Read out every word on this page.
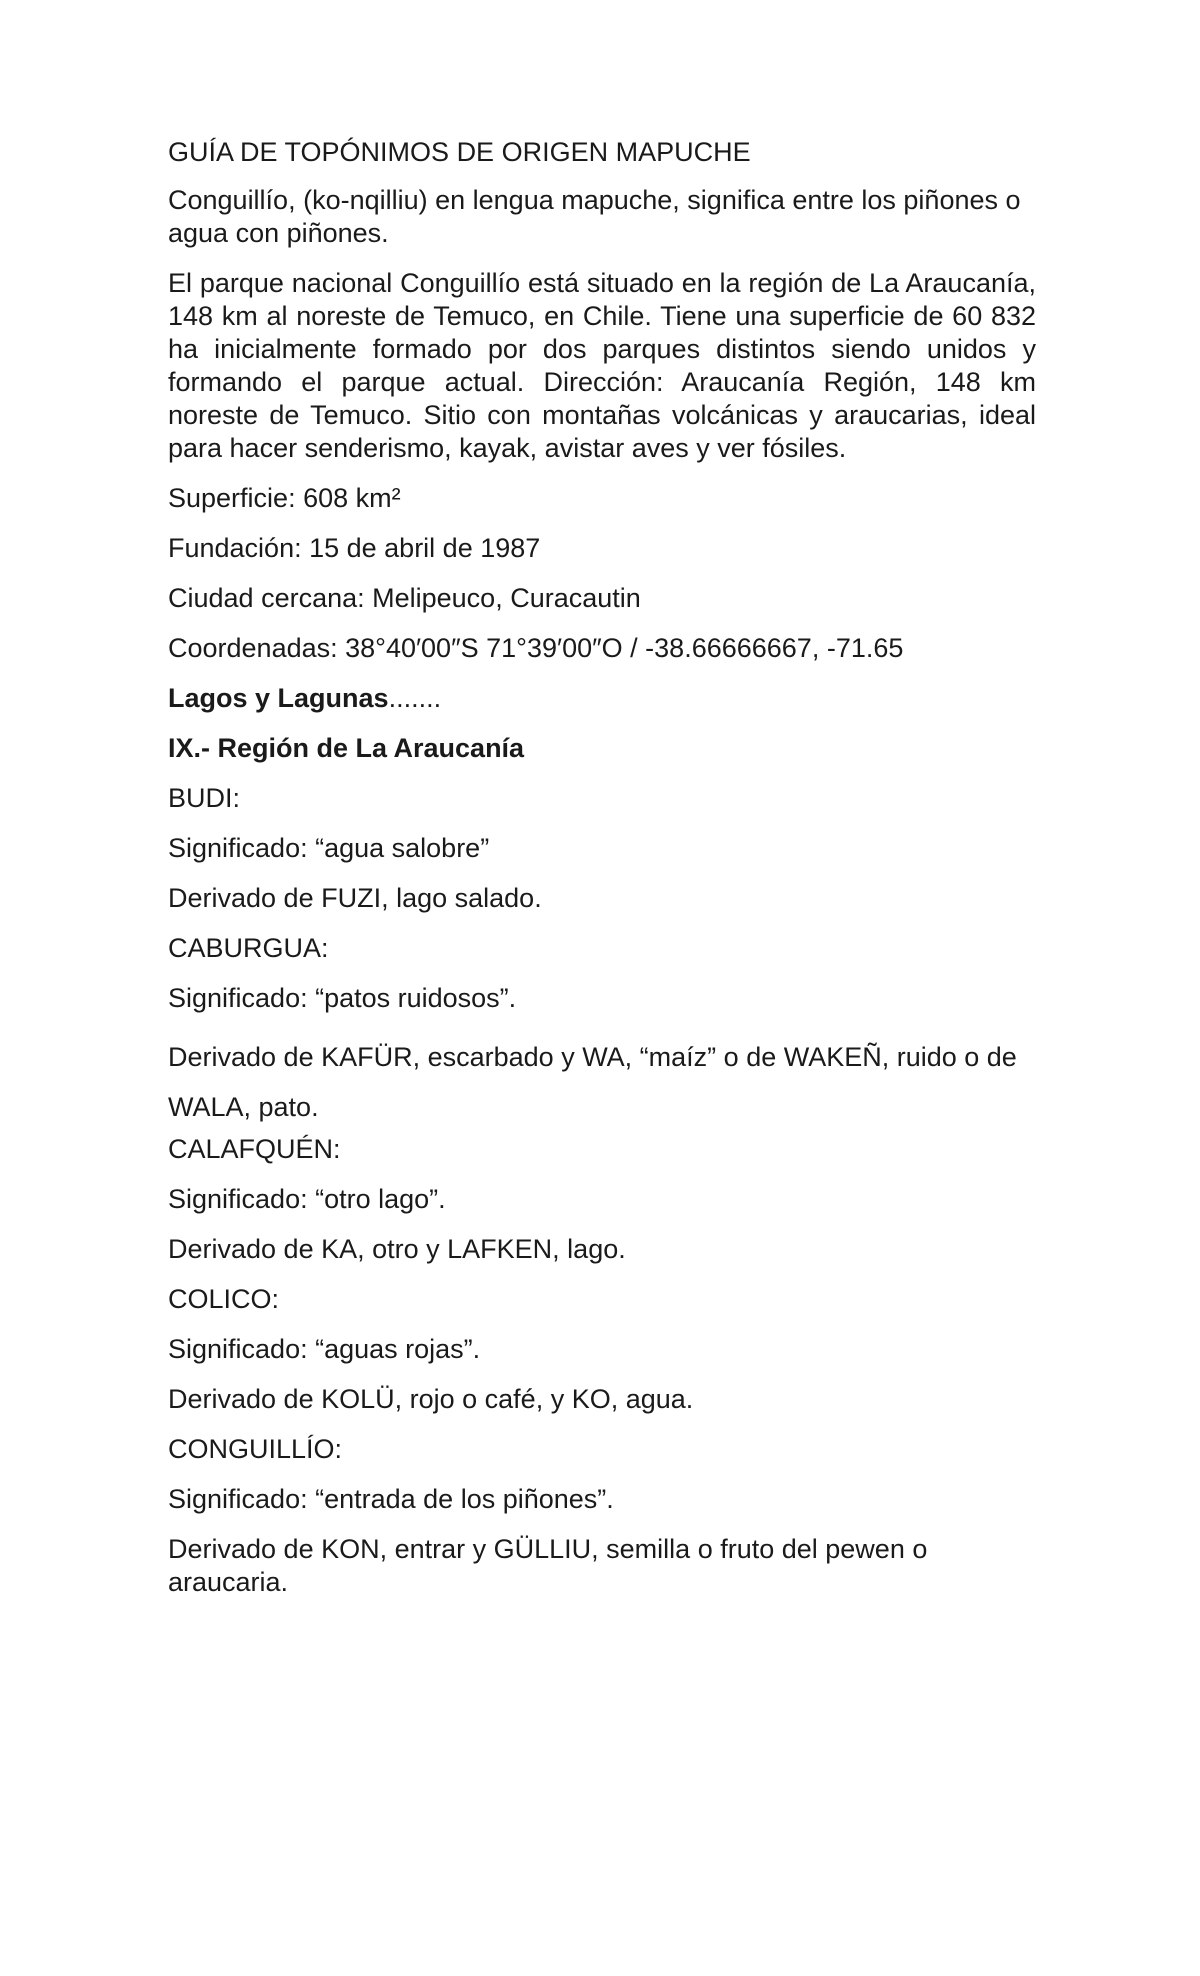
GUÍA DE TOPÓNIMOS DE ORIGEN MAPUCHE

Conguillío, (ko-nqilliu) en lengua mapuche, significa entre los piñones o agua con piñones.

El parque nacional Conguillío está situado en la región de La Araucanía, 148 km al noreste de Temuco, en Chile. Tiene una superficie de 60 832 ha inicialmente formado por dos parques distintos siendo unidos y formando el parque actual. Dirección: Araucanía Región, 148 km noreste de Temuco. Sitio con montañas volcánicas y araucarias, ideal para hacer senderismo, kayak, avistar aves y ver fósiles.

Superficie: 608 km²

Fundación: 15 de abril de 1987

Ciudad cercana: Melipeuco, Curacautin

Coordenadas: 38°40′00″S 71°39′00″O / -38.66666667, -71.65

Lagos y Lagunas.......

IX.- Región de La Araucanía

BUDI:

Significado: “agua salobre”

Derivado de FUZI, lago salado.

CABURGUA:

Significado: “patos ruidosos”.

Derivado de KAFÜR, escarbado y WA, “maíz” o de WAKEÑ, ruido o de WALA, pato.

CALAFQUÉN:

Significado: “otro lago”.

Derivado de KA, otro y LAFKEN, lago.

COLICO:

Significado: “aguas rojas”.

Derivado de KOLÜ, rojo o café, y KO, agua.

CONGUILLÍO:

Significado: “entrada de los piñones”.

Derivado de KON, entrar y GÜLLIU, semilla o fruto del pewen o araucaria.
